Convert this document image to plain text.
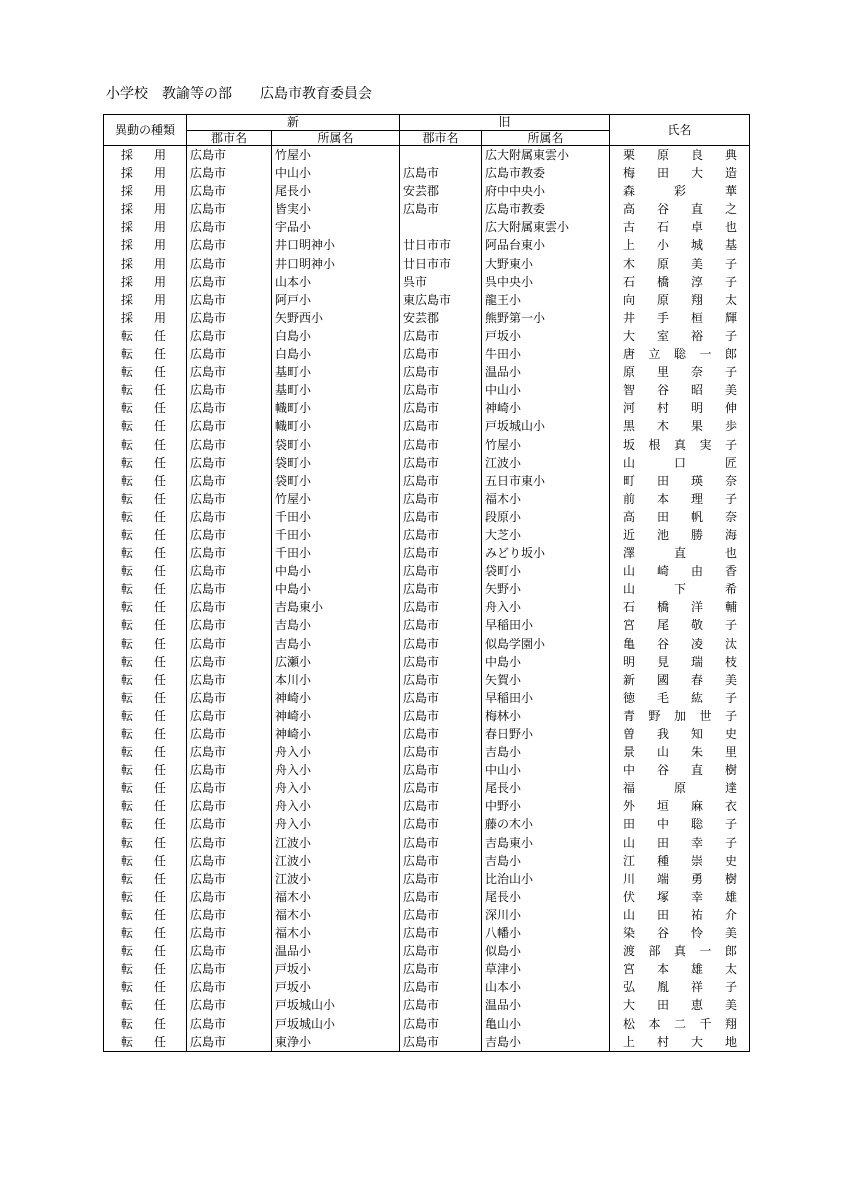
小学校　教諭等の部　　広島市教育委員会
異動の種類	新		旧		氏名
	郡市名	所属名	郡市名	所属名	

採 用	広島市	竹屋小		広大附属東雲小	栗 原 良 典

採 用	広島市	中山小	広島市	広島市教委	梅 田 大 造

採 用	広島市	尾長小	安芸郡	府中中央小	森 彩 華

採 用	広島市	皆実小	広島市	広島市教委	高 谷 直 之

採 用	広島市	宇品小		広大附属東雲小	古 石 卓 也

採 用	広島市	井口明神小	廿日市市	阿品台東小	上 小 城 基

採 用	広島市	井口明神小	廿日市市	大野東小	木 原 美 子

採 用	広島市	山本小	呉市	呉中央小	石 橋 淳 子

採 用	広島市	阿戸小	東広島市	龍王小	向 原 翔 太

採 用	広島市	矢野西小	安芸郡	熊野第一小	井 手 桓 輝

転 任	広島市	白島小	広島市	戸坂小	大 室 裕 子

転 任	広島市	白島小	広島市	牛田小	唐 立 聡 一 郎

転 任	広島市	基町小	広島市	温品小	原 里 奈 子

転 任	広島市	基町小	広島市	中山小	智 谷 昭 美

転 任	広島市	幟町小	広島市	神崎小	河 村 明 伸

転 任	広島市	幟町小	広島市	戸坂城山小	黒 木 果 歩

転 任	広島市	袋町小	広島市	竹屋小	坂 根 真 実 子

転 任	広島市	袋町小	広島市	江波小	山 口 匠

転 任	広島市	袋町小	広島市	五日市東小	町 田 瑛 奈

転 任	広島市	竹屋小	広島市	福木小	前 本 理 子

転 任	広島市	千田小	広島市	段原小	高 田 帆 奈

転 任	広島市	千田小	広島市	大芝小	近 池 勝 海

転 任	広島市	千田小	広島市	みどり坂小	澤 直 也

転 任	広島市	中島小	広島市	袋町小	山 崎 由 香

転 任	広島市	中島小	広島市	矢野小	山 下 希

転 任	広島市	吉島東小	広島市	舟入小	石 橋 洋 輔

転 任	広島市	吉島小	広島市	早稲田小	宮 尾 敬 子

転 任	広島市	吉島小	広島市	似島学園小	亀 谷 凌 汰

転 任	広島市	広瀬小	広島市	中島小	明 見 瑞 枝

転 任	広島市	本川小	広島市	矢賀小	新 國 春 美

転 任	広島市	神崎小	広島市	早稲田小	徳 毛 紘 子

転 任	広島市	神崎小	広島市	梅林小	青 野 加 世 子

転 任	広島市	神崎小	広島市	春日野小	曽 我 知 史

転 任	広島市	舟入小	広島市	吉島小	景 山 朱 里

転 任	広島市	舟入小	広島市	中山小	中 谷 直 樹

転 任	広島市	舟入小	広島市	尾長小	福 原 達

転 任	広島市	舟入小	広島市	中野小	外 垣 麻 衣

転 任	広島市	舟入小	広島市	藤の木小	田 中 聡 子

転 任	広島市	江波小	広島市	吉島東小	山 田 幸 子

転 任	広島市	江波小	広島市	吉島小	江 種 崇 史

転 任	広島市	江波小	広島市	比治山小	川 端 勇 樹

転 任	広島市	福木小	広島市	尾長小	伏 塚 幸 雄

転 任	広島市	福木小	広島市	深川小	山 田 祐 介

転 任	広島市	福木小	広島市	八幡小	染 谷 怜 美

転 任	広島市	温品小	広島市	似島小	渡 部 真 一 郎

転 任	広島市	戸坂小	広島市	草津小	宮 本 雄 太

転 任	広島市	戸坂小	広島市	山本小	弘 胤 祥 子

転 任	広島市	戸坂城山小	広島市	温品小	大 田 恵 美

転 任	広島市	戸坂城山小	広島市	亀山小	松 本 二 千 翔

転 任	広島市	東浄小	広島市	吉島小	上 村 大 地
